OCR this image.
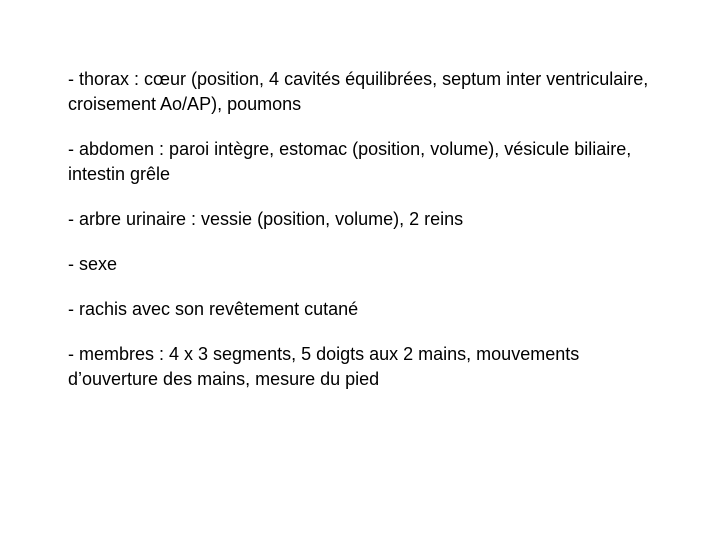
- thorax : cœur (position, 4 cavités équilibrées, septum inter ventriculaire, croisement Ao/AP), poumons
- abdomen : paroi intègre, estomac (position, volume), vésicule biliaire, intestin grêle
- arbre urinaire : vessie (position, volume), 2 reins
- sexe
- rachis avec son revêtement cutané
- membres : 4 x 3 segments, 5 doigts aux 2 mains, mouvements d’ouverture des mains, mesure du pied
